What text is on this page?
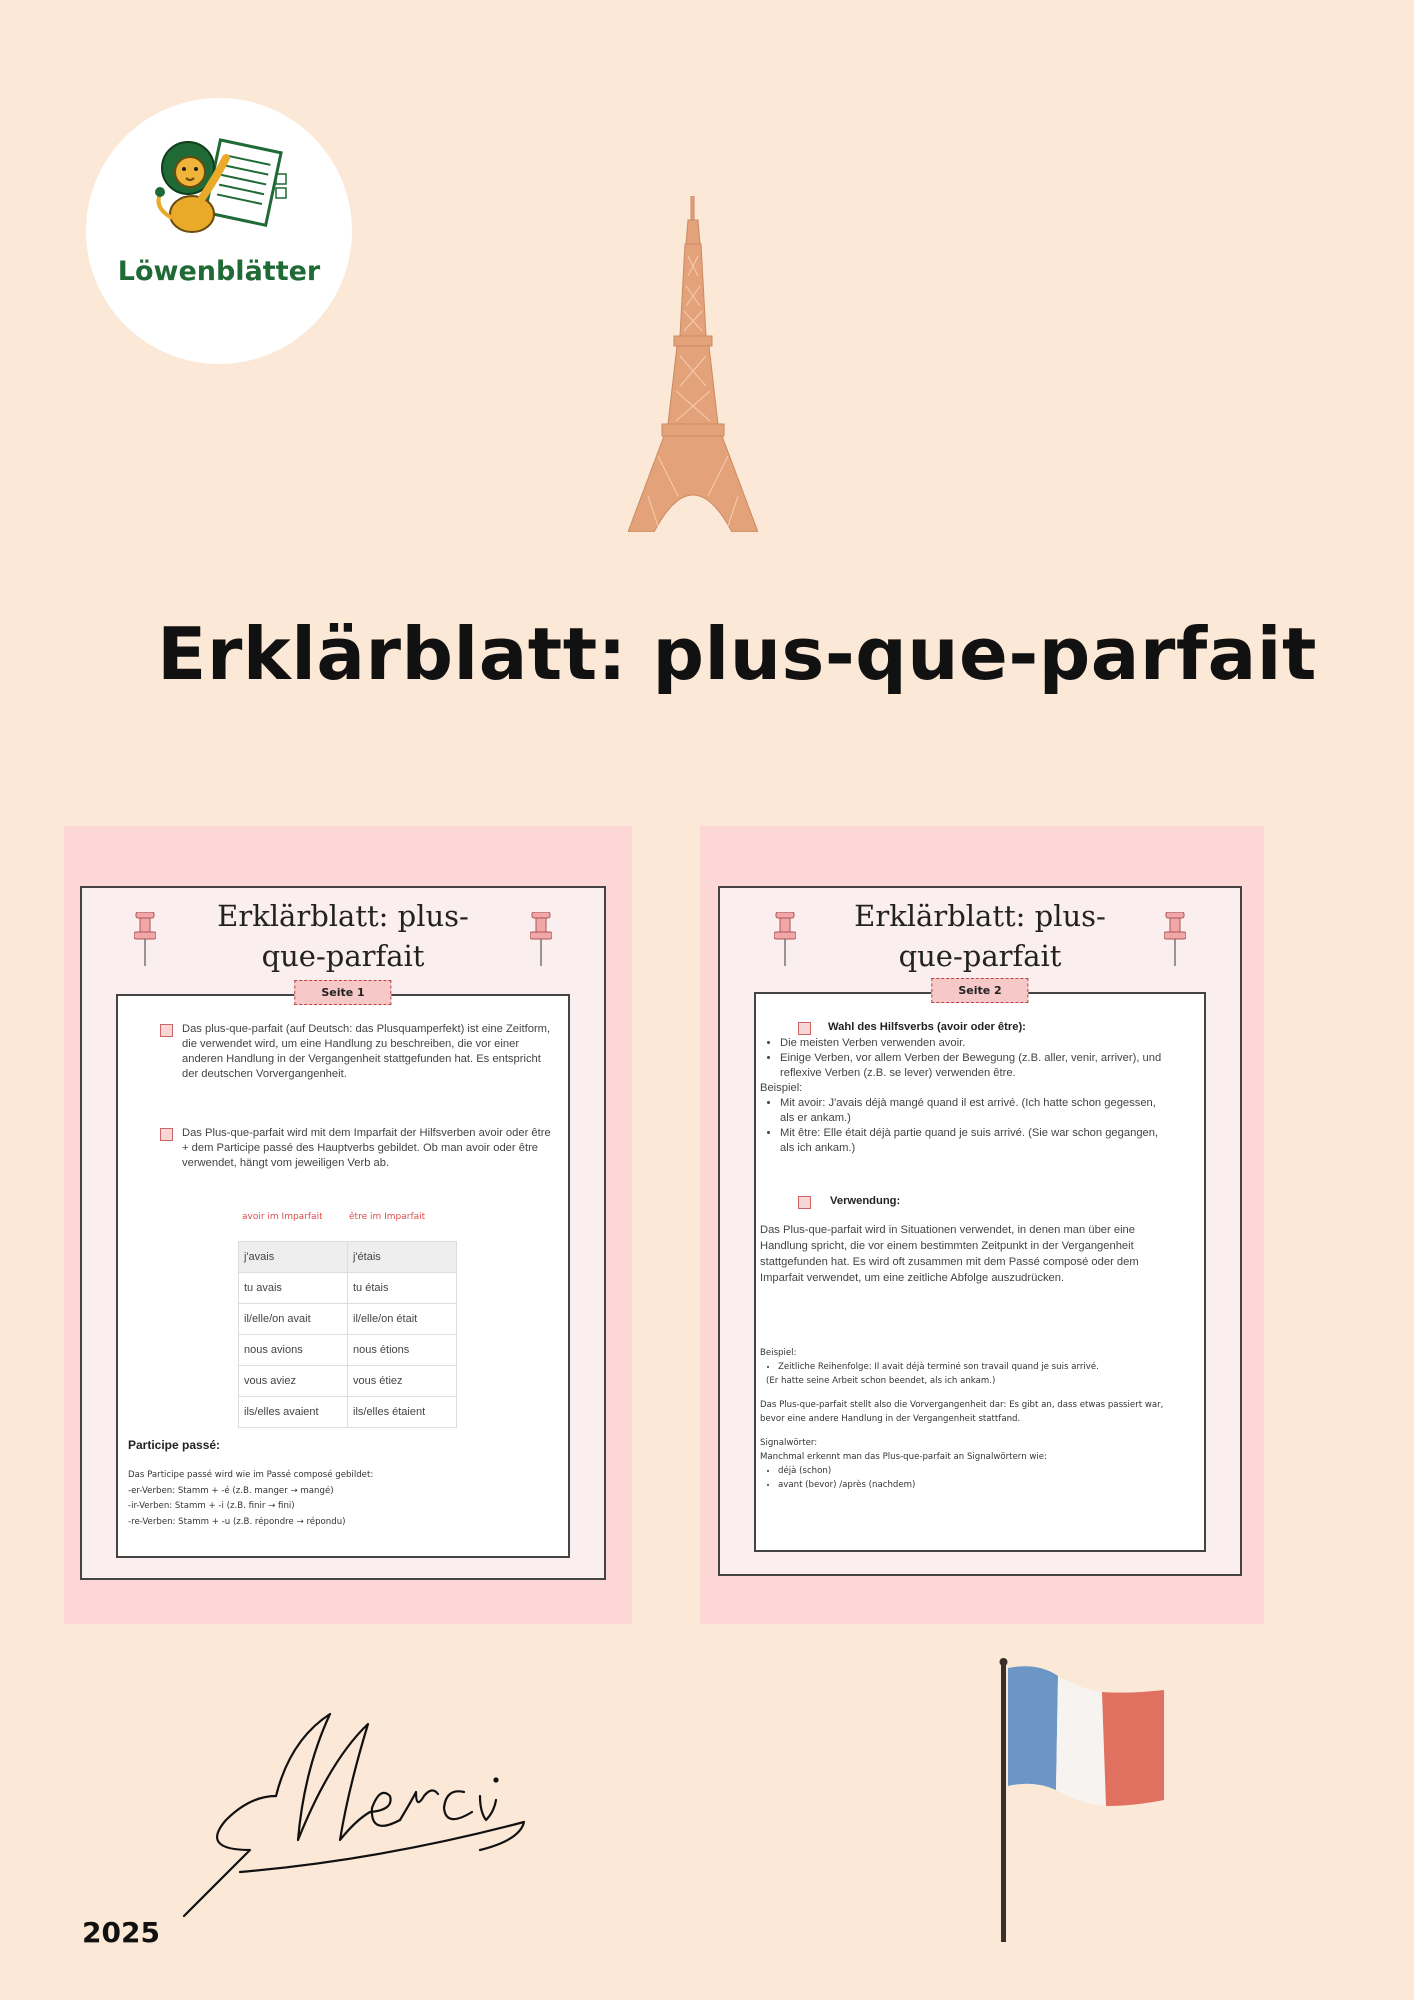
Löwenblätter
Erklärblatt: plus-que-parfait
Erklärblatt: plus-
que-parfait
Seite 1
Das plus-que-parfait (auf Deutsch: das Plusquamperfekt) ist eine Zeitform, die verwendet wird, um eine Handlung zu beschreiben, die vor einer anderen Handlung in der Vergangenheit stattgefunden hat. Es entspricht der deutschen Vorvergangenheit.
Das Plus-que-parfait wird mit dem Imparfait der Hilfsverben avoir oder être + dem Participe passé des Hauptverbs gebildet. Ob man avoir oder être verwendet, hängt vom jeweiligen Verb ab.
avoir im Imparfait	être im Imparfait
j'avais	j'étais
tu avais	tu étais
il/elle/on avait	il/elle/on était
nous avions	nous étions
vous aviez	vous étiez
ils/elles avaient	ils/elles étaient
Participe passé:
Das Participe passé wird wie im Passé composé gebildet:
-er-Verben: Stamm + -é (z.B. manger → mangé)
-ir-Verben: Stamm + -i (z.B. finir → fini)
-re-Verben: Stamm + -u (z.B. répondre → répondu)
Erklärblatt: plus-
que-parfait
Seite 2
Wahl des Hilfsverbs (avoir oder être):
• Die meisten Verben verwenden avoir.
• Einige Verben, vor allem Verben der Bewegung (z.B. aller, venir, arriver), und reflexive Verben (z.B. se lever) verwenden être.
Beispiel:
• Mit avoir: J'avais déjà mangé quand il est arrivé. (Ich hatte schon gegessen, als er ankam.)
• Mit être: Elle était déjà partie quand je suis arrivé. (Sie war schon gegangen, als ich ankam.)
Verwendung:
Das Plus-que-parfait wird in Situationen verwendet, in denen man über eine Handlung spricht, die vor einem bestimmten Zeitpunkt in der Vergangenheit stattgefunden hat. Es wird oft zusammen mit dem Passé composé oder dem Imparfait verwendet, um eine zeitliche Abfolge auszudrücken.
Beispiel:
• Zeitliche Reihenfolge: Il avait déjà terminé son travail quand je suis arrivé.
(Er hatte seine Arbeit schon beendet, als ich ankam.)
Das Plus-que-parfait stellt also die Vorvergangenheit dar: Es gibt an, dass etwas passiert war, bevor eine andere Handlung in der Vergangenheit stattfand.
Signalwörter:
Manchmal erkennt man das Plus-que-parfait an Signalwörtern wie:
• déjà (schon)
• avant (bevor) /après (nachdem)
2025
